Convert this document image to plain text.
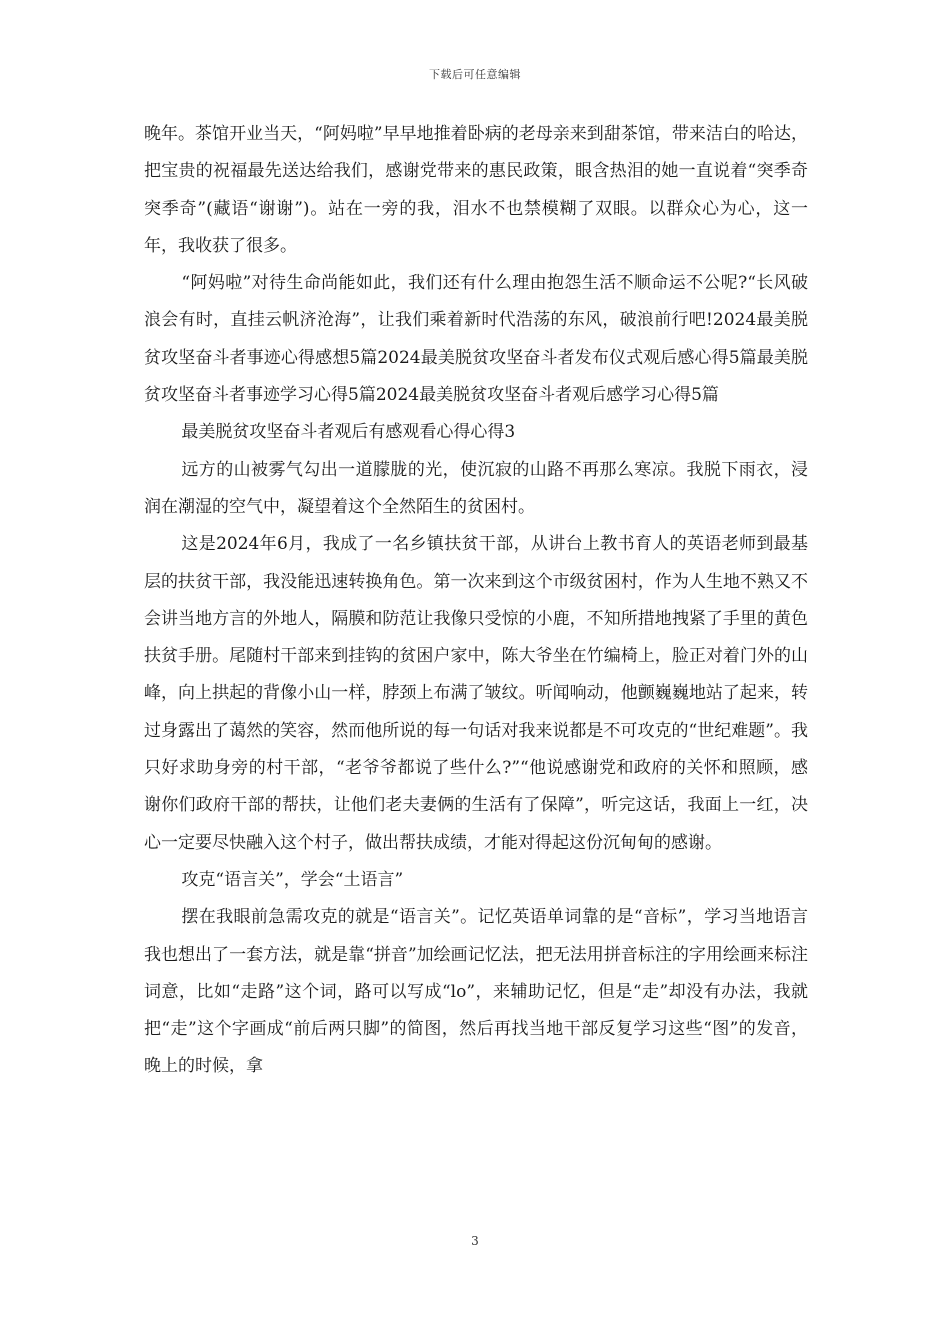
下载后可任意编辑

晚年。茶馆开业当天，“阿妈啦”早早地推着卧病的老母亲来到甜茶馆，带来洁白的哈达，把宝贵的祝福最先送达给我们，感谢党带来的惠民政策，眼含热泪的她一直说着“突季奇突季奇”(藏语“谢谢”)。站在一旁的我，泪水不也禁模糊了双眼。以群众心为心，这一年，我收获了很多。

“阿妈啦”对待生命尚能如此，我们还有什么理由抱怨生活不顺命运不公呢?“长风破浪会有时，直挂云帆济沧海”，让我们乘着新时代浩荡的东风，破浪前行吧!2024最美脱贫攻坚奋斗者事迹心得感想5篇2024最美脱贫攻坚奋斗者发布仪式观后感心得5篇最美脱贫攻坚奋斗者事迹学习心得5篇2024最美脱贫攻坚奋斗者观后感学习心得5篇

最美脱贫攻坚奋斗者观后有感观看心得心得3

远方的山被雾气勾出一道朦胧的光，使沉寂的山路不再那么寒凉。我脱下雨衣，浸润在潮湿的空气中，凝望着这个全然陌生的贫困村。

这是2024年6月，我成了一名乡镇扶贫干部，从讲台上教书育人的英语老师到最基层的扶贫干部，我没能迅速转换角色。第一次来到这个市级贫困村，作为人生地不熟又不会讲当地方言的外地人，隔膜和防范让我像只受惊的小鹿，不知所措地拽紧了手里的黄色扶贫手册。尾随村干部来到挂钩的贫困户家中，陈大爷坐在竹编椅上，脸正对着门外的山峰，向上拱起的背像小山一样，脖颈上布满了皱纹。听闻响动，他颤巍巍地站了起来，转过身露出了蔼然的笑容，然而他所说的每一句话对我来说都是不可攻克的“世纪难题”。我只好求助身旁的村干部，“老爷爷都说了些什么?”“他说感谢党和政府的关怀和照顾，感谢你们政府干部的帮扶，让他们老夫妻俩的生活有了保障”，听完这话，我面上一红，决心一定要尽快融入这个村子，做出帮扶成绩，才能对得起这份沉甸甸的感谢。

攻克“语言关”，学会“土语言”

摆在我眼前急需攻克的就是“语言关”。记忆英语单词靠的是“音标”，学习当地语言我也想出了一套方法，就是靠“拼音”加绘画记忆法，把无法用拼音标注的字用绘画来标注词意，比如“走路”这个词，路可以写成“lo”，来辅助记忆，但是“走”却没有办法，我就把“走”这个字画成“前后两只脚”的简图，然后再找当地干部反复学习这些“图”的发音，晚上的时候，拿

3
